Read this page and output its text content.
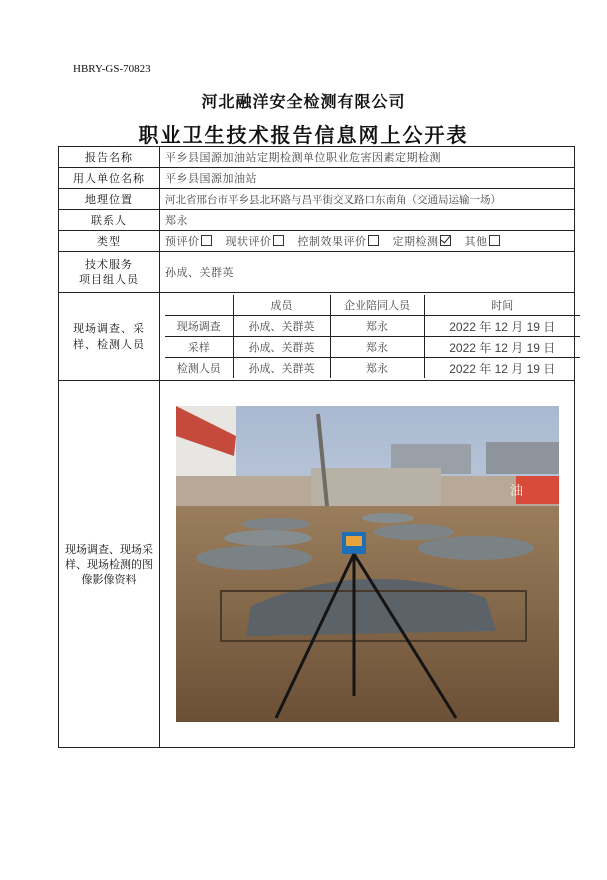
HBRY-GS-70823
河北融洋安全检测有限公司
职业卫生技术报告信息网上公开表
报告名称	平乡县国源加油站定期检测单位职业危害因素定期检测
用人单位名称	平乡县国源加油站
地理位置	河北省邢台市平乡县北环路与昌平街交叉路口东南角（交通局运输一场）
联系人	郑永
类型	预评价 现状评价 控制效果评价 定期检测 其他

技术服务
项目组人员
	孙成、关群英
现场调查、采样、检测人员	
	成员	企业陪同人员	时间
现场调查	孙成、关群英	郑永	2022 年 12 月 19 日
采样	孙成、关群英	郑永	2022 年 12 月 19 日
检测人员	孙成、关群英	郑永	2022 年 12 月 19 日

现场调查、现场采样、现场检测的图像影像资料	
油
